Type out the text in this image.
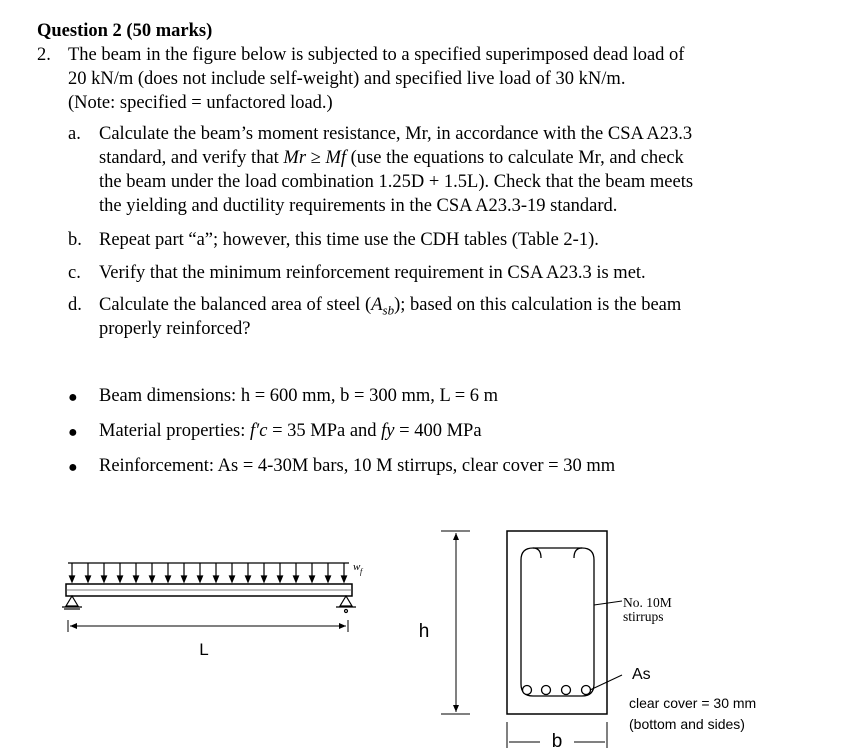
Question 2 (50 marks)
2. The beam in the figure below is subjected to a specified superimposed dead load of
20 kN/m (does not include self-weight) and specified live load of 30 kN/m.
(Note: specified = unfactored load.)
a. Calculate the beam’s moment resistance, Mr, in accordance with the CSA A23.3
standard, and verify that Mr ≥ Mf (use the equations to calculate Mr, and check
the beam under the load combination 1.25D + 1.5L). Check that the beam meets
the yielding and ductility requirements in the CSA A23.3-19 standard.
b. Repeat part “a”; however, this time use the CDH tables (Table 2-1).
c. Verify that the minimum reinforcement requirement in CSA A23.3 is met.
d. Calculate the balanced area of steel $(A_{sb})$; based on this calculation is the beam
properly reinforced?
● Beam dimensions: h = 600 mm, b = 300 mm, L = 6 m
● Material properties: f′c = 35 MPa and fy = 400 MPa
● Reinforcement: As = 4-30M bars, 10 M stirrups, clear cover = 30 mm
w f
L
h
b
No. 10M
stirrups
As
clear cover = 30 mm
(bottom and sides)
